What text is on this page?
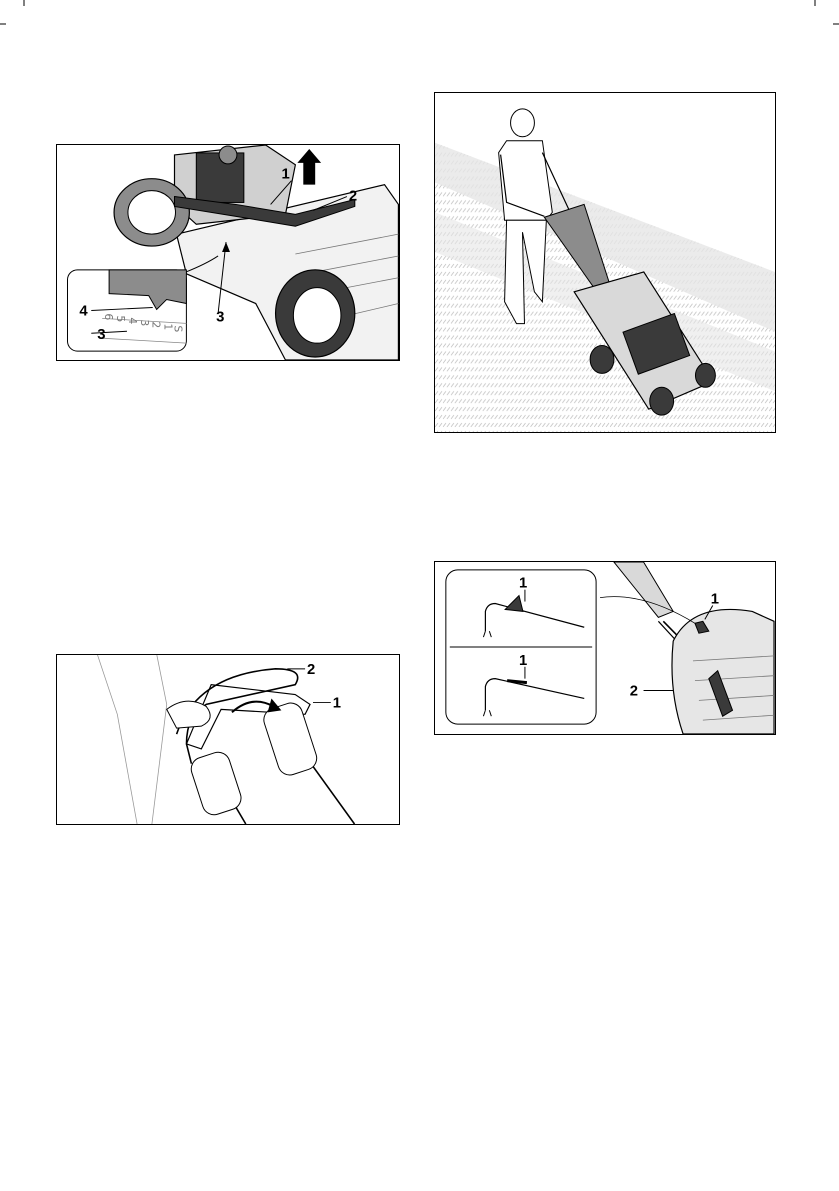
6
5
4
3
2
1
S
1
2
3
4
3
2
1
1
1
1
2
